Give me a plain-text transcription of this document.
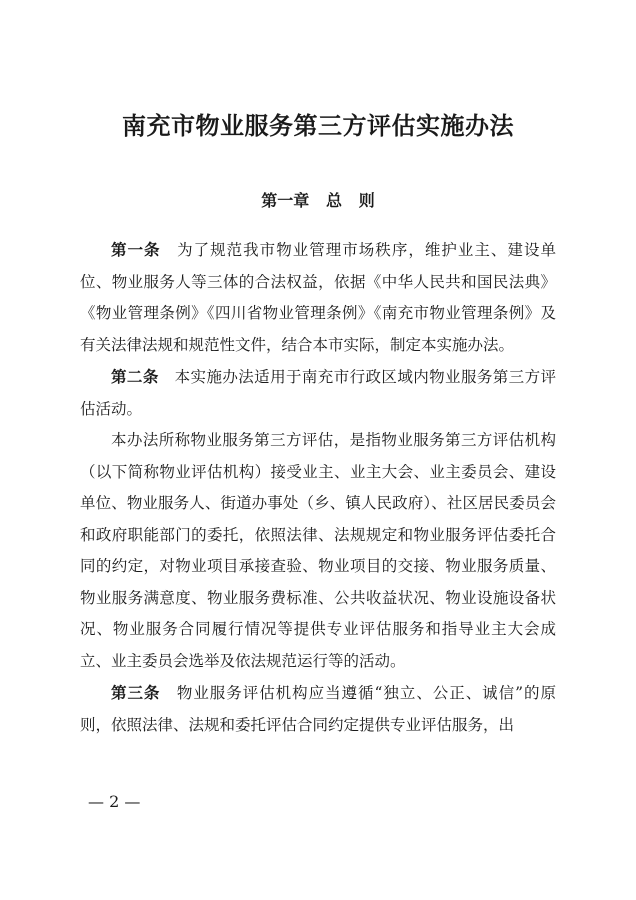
南充市物业服务第三方评估实施办法
第一章   总   则

第一条　为了规范我市物业管理市场秩序，维护业主、建设单位、物业服务人等三体的合法权益，依据《中华人民共和国民法典》《物业管理条例》《四川省物业管理条例》《南充市物业管理条例》及有关法律法规和规范性文件，结合本市实际，制定本实施办法。

第二条　本实施办法适用于南充市行政区域内物业服务第三方评估活动。

本办法所称物业服务第三方评估，是指物业服务第三方评估机构（以下简称物业评估机构）接受业主、业主大会、业主委员会、建设单位、物业服务人、街道办事处（乡、镇人民政府）、社区居民委员会和政府职能部门的委托，依照法律、法规规定和物业服务评估委托合同的约定，对物业项目承接查验、物业项目的交接、物业服务质量、物业服务满意度、物业服务费标准、公共收益状况、物业设施设备状况、物业服务合同履行情况等提供专业评估服务和指导业主大会成立、业主委员会选举及依法规范运行等的活动。

第三条　物业服务评估机构应当遵循“独立、公正、诚信”的原则，依照法律、法规和委托评估合同约定提供专业评估服务，出

— 2 —
